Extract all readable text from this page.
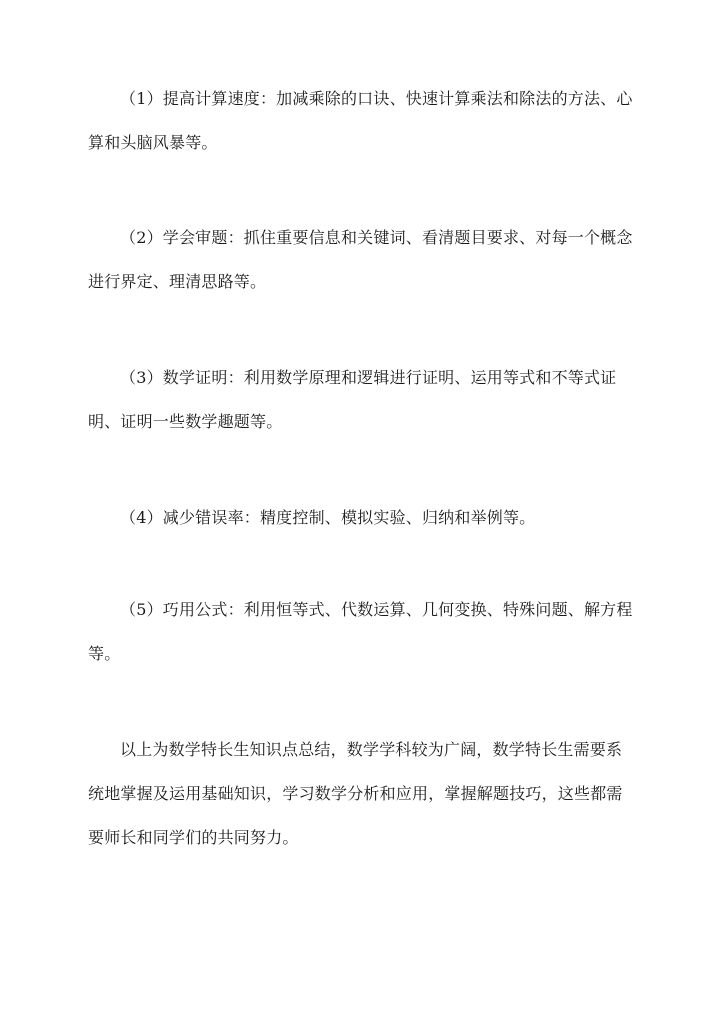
（1）提高计算速度：加减乘除的口诀、快速计算乘法和除法的方法、心算和头脑风暴等。

（2）学会审题：抓住重要信息和关键词、看清题目要求、对每一个概念进行界定、理清思路等。

（3）数学证明：利用数学原理和逻辑进行证明、运用等式和不等式证明、证明一些数学趣题等。

（4）减少错误率：精度控制、模拟实验、归纳和举例等。

（5）巧用公式：利用恒等式、代数运算、几何变换、特殊问题、解方程等。

以上为数学特长生知识点总结，数学学科较为广阔，数学特长生需要系统地掌握及运用基础知识，学习数学分析和应用，掌握解题技巧，这些都需要师长和同学们的共同努力。
